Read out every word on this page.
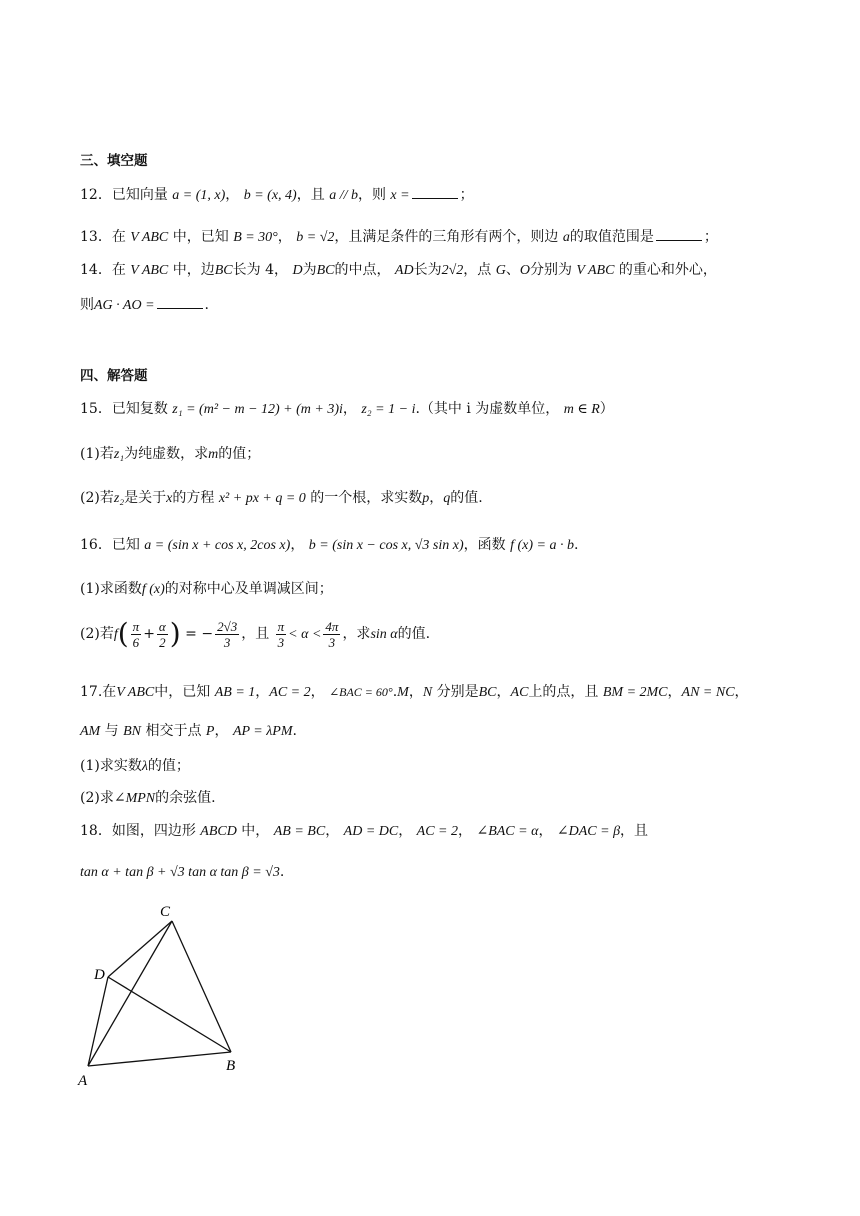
三、填空题
12．已知向量 a = (1, x)， b = (x, 4)，且 a // b，则 x =	；
13．在 V ABC 中，已知 B = 30°， b = √2，且满足条件的三角形有两个，则边 a的取值范围是	；
14．在 V ABC 中，边BC长为 4， D为BC的中点， AD长为2√2，点 G、O分别为 V ABC 的重心和外心，
则AG · AO =	.
四、解答题
15．已知复数 z₁ = (m² − m − 12) + (m + 3)i， z₂ = 1 − i.（其中 i 为虚数单位， m ∈ R）
(1)若z₁为纯虚数，求m的值；
(2)若z₂是关于x的方程 x² + px + q = 0 的一个根，求实数p，q的值.
16．已知 a = (sin x + cos x, 2cos x)， b = (sin x − cos x, √3 sin x)，函数 f (x) = a · b.
(1)求函数f (x)的对称中心及单调减区间；
(2)若$f( \frac{\pi}{6} + \frac{\alpha}{2}$ ) = − $\frac{2√3}{3}$ ，且 $\frac{\pi}{3} < \alpha < \frac{4\pi}{3}$ ，求sin α的值.
17.在V ABC中，已知 AB = 1，AC = 2， ∠BAC = 60°.M，N 分别是BC，AC上的点，且 BM = 2MC，AN = NC，
AM 与 BN 相交于点 P， AP = λPM.
(1)求实数λ的值；
(2)求∠MPN的余弦值.
18．如图，四边形 ABCD 中， AB = BC， AD = DC， AC = 2， ∠BAC = α， ∠DAC = β，且
tan α + tan β + √3 tan α tan β = √3.
A
B
C
D
